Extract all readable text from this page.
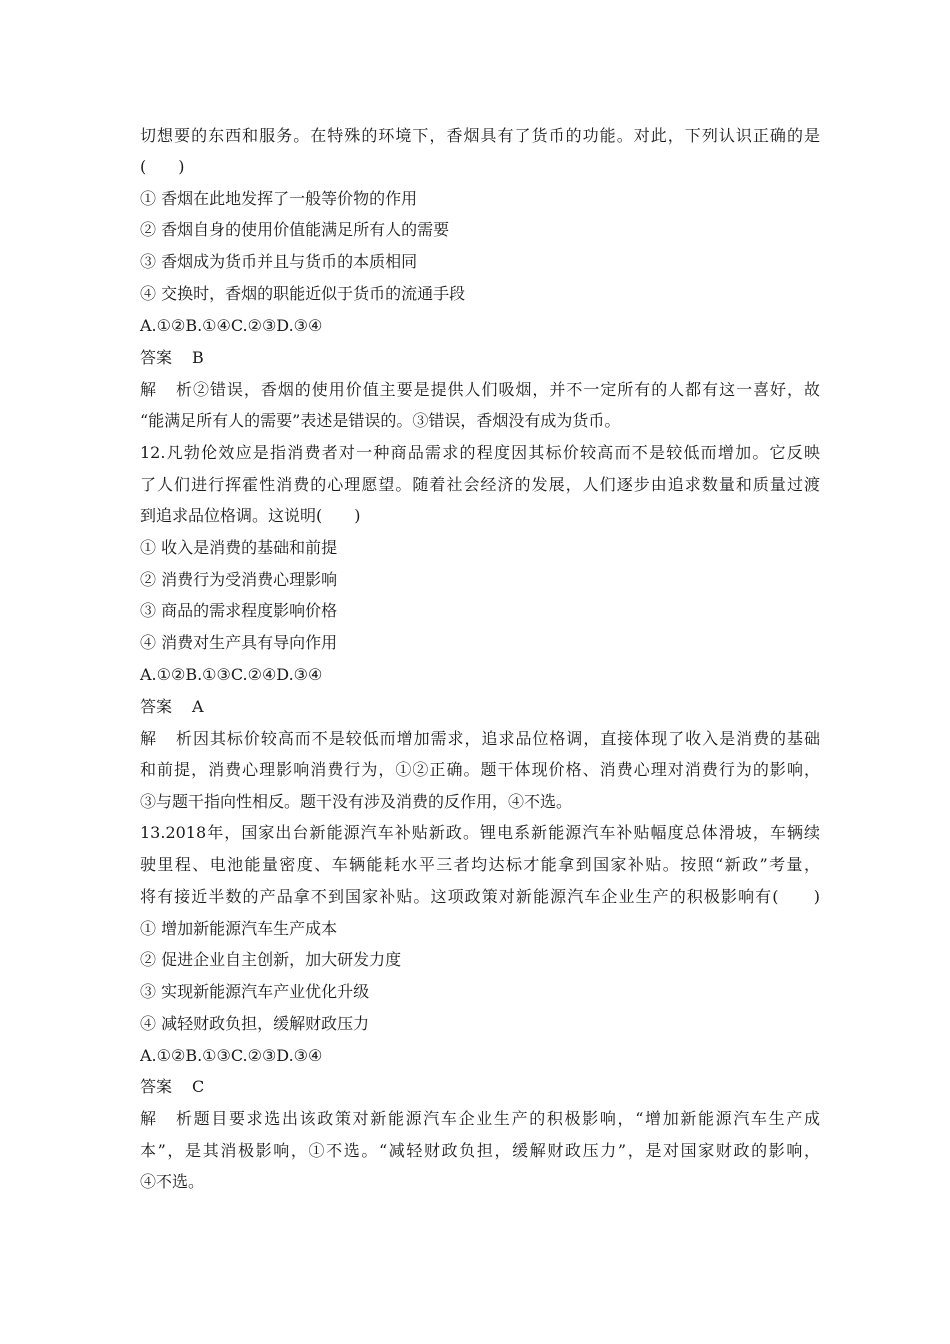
切想要的东西和服务。在特殊的环境下，香烟具有了货币的功能。对此，下列认识正确的是
(　　)
① 香烟在此地发挥了一般等价物的作用
② 香烟自身的使用价值能满足所有人的需要
③ 香烟成为货币并且与货币的本质相同
④ 交换时，香烟的职能近似于货币的流通手段
A.①②B.①④C.②③D.③④
答案 B
解析②错误，香烟的使用价值主要是提供人们吸烟，并不一定所有的人都有这一喜好，故
“能满足所有人的需要”表述是错误的。③错误，香烟没有成为货币。
12.凡勃伦效应是指消费者对一种商品需求的程度因其标价较高而不是较低而增加。它反映
了人们进行挥霍性消费的心理愿望。随着社会经济的发展，人们逐步由追求数量和质量过渡
到追求品位格调。这说明(　　)
① 收入是消费的基础和前提
② 消费行为受消费心理影响
③ 商品的需求程度影响价格
④ 消费对生产具有导向作用
A.①②B.①③C.②④D.③④
答案 A
解析因其标价较高而不是较低而增加需求，追求品位格调，直接体现了收入是消费的基础
和前提，消费心理影响消费行为，①②正确。题干体现价格、消费心理对消费行为的影响，
③与题干指向性相反。题干没有涉及消费的反作用，④不选。
13.2018年，国家出台新能源汽车补贴新政。锂电系新能源汽车补贴幅度总体滑坡，车辆续
驶里程、电池能量密度、车辆能耗水平三者均达标才能拿到国家补贴。按照“新政”考量，
将有接近半数的产品拿不到国家补贴。这项政策对新能源汽车企业生产的积极影响有(　　)
① 增加新能源汽车生产成本
② 促进企业自主创新，加大研发力度
③ 实现新能源汽车产业优化升级
④ 减轻财政负担，缓解财政压力
A.①②B.①③C.②③D.③④
答案 C
解析题目要求选出该政策对新能源汽车企业生产的积极影响，“增加新能源汽车生产成
本”，是其消极影响，①不选。“减轻财政负担，缓解财政压力”，是对国家财政的影响，
④不选。
